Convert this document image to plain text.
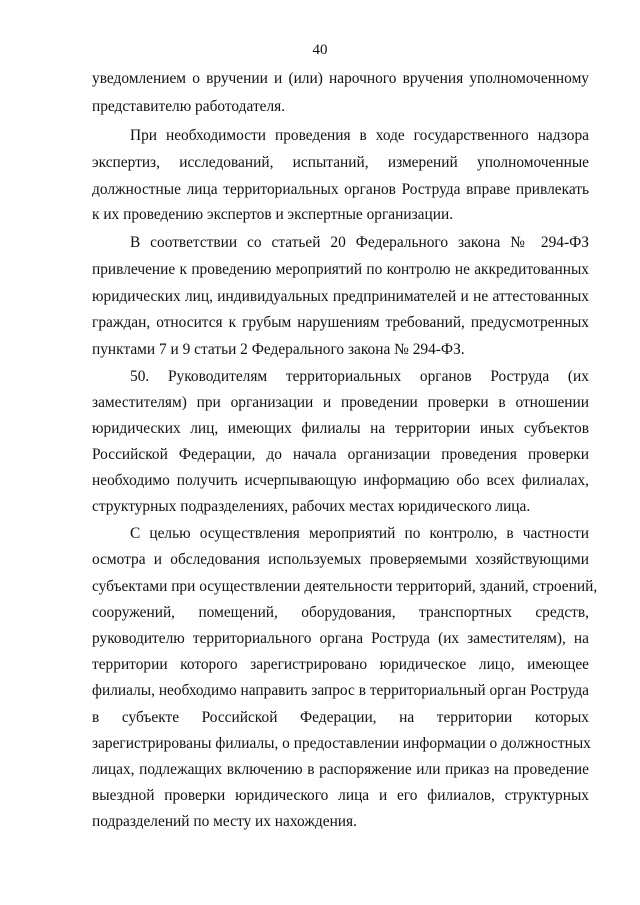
40
уведомлением о вручении и (или) нарочного вручения уполномоченному
представителю работодателя.
При необходимости проведения в ходе государственного надзора
экспертиз, исследований, испытаний, измерений уполномоченные
должностные лица территориальных органов Роструда вправе привлекать
к их проведению экспертов и экспертные организации.
В соответствии со статьей 20 Федерального закона № 294-ФЗ
привлечение к проведению мероприятий по контролю не аккредитованных
юридических лиц, индивидуальных предпринимателей и не аттестованных
граждан, относится к грубым нарушениям требований, предусмотренных
пунктами 7 и 9 статьи 2 Федерального закона № 294-ФЗ.
50. Руководителям территориальных органов Роструда (их
заместителям) при организации и проведении проверки в отношении
юридических лиц, имеющих филиалы на территории иных субъектов
Российской Федерации, до начала организации проведения проверки
необходимо получить исчерпывающую информацию обо всех филиалах,
структурных подразделениях, рабочих местах юридического лица.
С целью осуществления мероприятий по контролю, в частности
осмотра и обследования используемых проверяемыми хозяйствующими
субъектами при осуществлении деятельности территорий, зданий, строений,
сооружений, помещений, оборудования, транспортных средств,
руководителю территориального органа Роструда (их заместителям), на
территории которого зарегистрировано юридическое лицо, имеющее
филиалы, необходимо направить запрос в территориальный орган Роструда
в субъекте Российской Федерации, на территории которых
зарегистрированы филиалы, о предоставлении информации о должностных
лицах, подлежащих включению в распоряжение или приказ на проведение
выездной проверки юридического лица и его филиалов, структурных
подразделений по месту их нахождения.
